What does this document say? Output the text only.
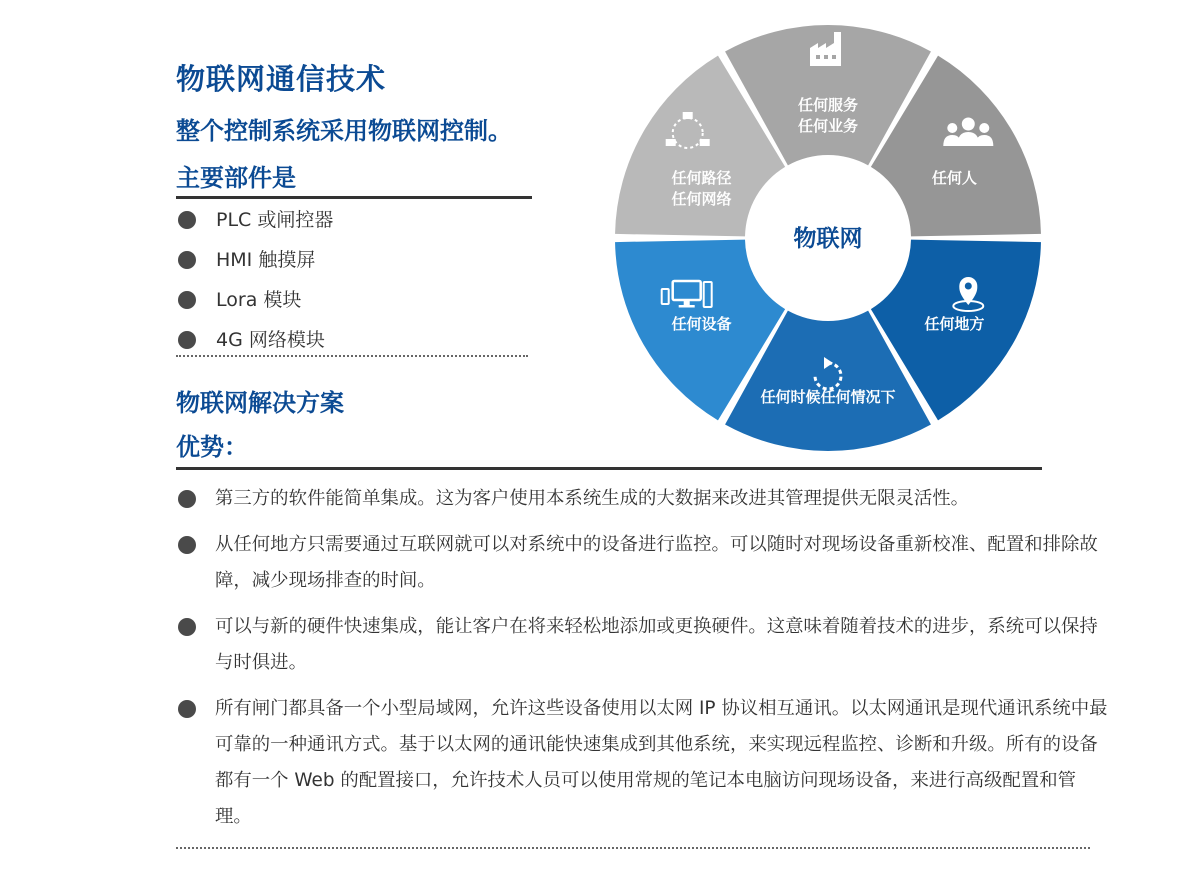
物联网通信技术
整个控制系统采用物联网控制。
主要部件是
PLC 或闸控器
HMI 触摸屏
Lora 模块
4G 网络模块
物联网解决方案
优势：
第三方的软件能简单集成。这为客户使用本系统生成的大数据来改进其管理提供无限灵活性。
从任何地方只需要通过互联网就可以对系统中的设备进行监控。可以随时对现场设备重新校准、配置和排除故障，减少现场排查的时间。
可以与新的硬件快速集成，能让客户在将来轻松地添加或更换硬件。这意味着随着技术的进步，系统可以保持与时俱进。
所有闸门都具备一个小型局域网，允许这些设备使用以太网 IP 协议相互通讯。以太网通讯是现代通讯系统中最可靠的一种通讯方式。基于以太网的通讯能快速集成到其他系统，来实现远程监控、诊断和升级。所有的设备都有一个 Web 的配置接口，允许技术人员可以使用常规的笔记本电脑访问现场设备，来进行高级配置和管理。
任何服务
任何业务
任何人
任何地方
任何时候任何情况下
任何设备
任何路径
任何网络
物联网
